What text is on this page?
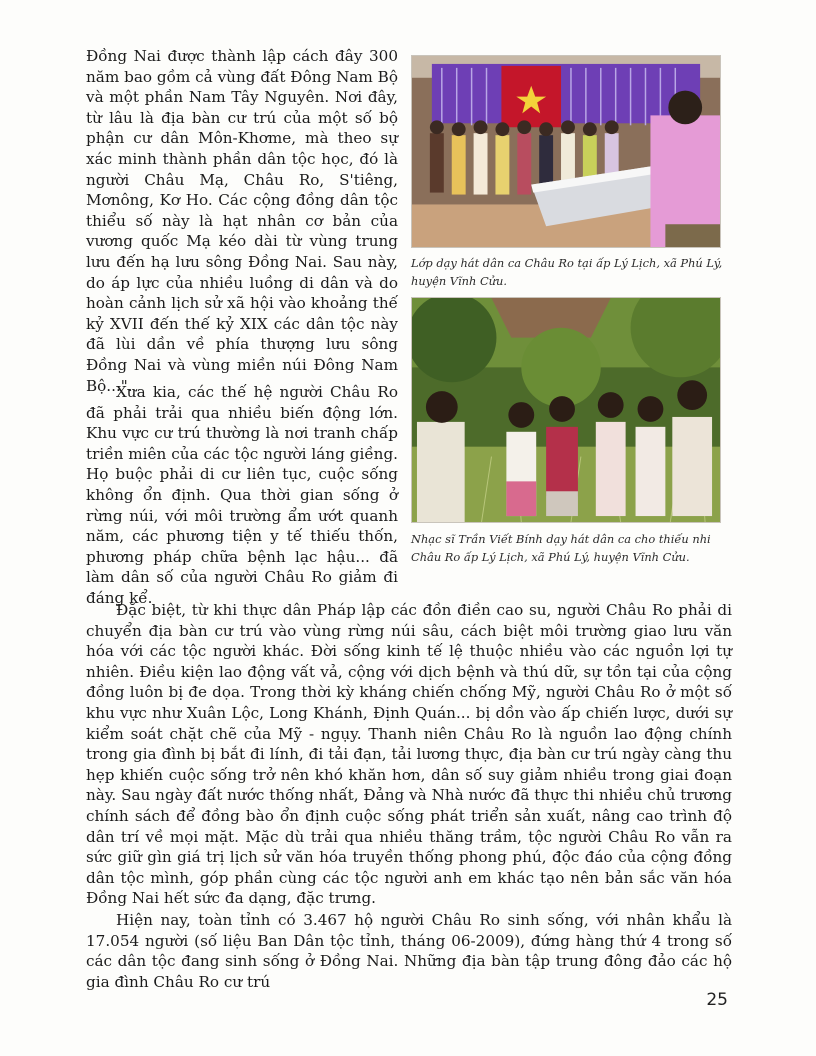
Đồng Nai được thành lập cách đây 300 năm bao gồm cả vùng đất Đông Nam Bộ và một phần Nam Tây Nguyên. Nơi đây, từ lâu là địa bàn cư trú của một số bộ phận cư dân Môn-Khơme, mà theo sự xác minh thành phần dân tộc học, đó là người Châu Mạ, Châu Ro, S'tiêng, Mơnông, Kơ Ho. Các cộng đồng dân tộc thiểu số này là hạt nhân cơ bản của vương quốc Mạ kéo dài từ vùng trung lưu đến hạ lưu sông Đồng Nai. Sau này, do áp lực của nhiều luồng di dân và do hoàn cảnh lịch sử xã hội vào khoảng thế kỷ XVII đến thế kỷ XIX các dân tộc này đã lùi dần về phía thượng lưu sông Đồng Nai và vùng miền núi Đông Nam Bộ...".

Xưa kia, các thế hệ người Châu Ro đã phải trải qua nhiều biến động lớn. Khu vực cư trú thường là nơi tranh chấp triền miên của các tộc người láng giềng. Họ buộc phải di cư liên tục, cuộc sống không ổn định. Qua thời gian sống ở rừng núi, với môi trường ẩm ướt quanh năm, các phương tiện y tế thiếu thốn, phương pháp chữa bệnh lạc hậu... đã làm dân số của người Châu Ro giảm đi đáng kể.

Lớp dạy hát dân ca Châu Ro tại ấp Lý Lịch, xã Phú Lý, huyện Vĩnh Cửu.
Nhạc sĩ Trần Viết Bính dạy hát dân ca cho thiếu nhi Châu Ro ấp Lý Lịch, xã Phú Lý, huyện Vĩnh Cửu.

Đặc biệt, từ khi thực dân Pháp lập các đồn điền cao su, người Châu Ro phải di chuyển địa bàn cư trú vào vùng rừng núi sâu, cách biệt môi trường giao lưu văn hóa với các tộc người khác. Đời sống kinh tế lệ thuộc nhiều vào các nguồn lợi tự nhiên. Điều kiện lao động vất vả, cộng với dịch bệnh và thú dữ, sự tồn tại của cộng đồng luôn bị đe dọa. Trong thời kỳ kháng chiến chống Mỹ, người Châu Ro ở một số khu vực như Xuân Lộc, Long Khánh, Định Quán... bị dồn vào ấp chiến lược, dưới sự kiểm soát chặt chẽ của Mỹ - ngụy. Thanh niên Châu Ro là nguồn lao động chính trong gia đình bị bắt đi lính, đi tải đạn, tải lương thực, địa bàn cư trú ngày càng thu hẹp khiến cuộc sống trở nên khó khăn hơn, dân số suy giảm nhiều trong giai đoạn này. Sau ngày đất nước thống nhất, Đảng và Nhà nước đã thực thi nhiều chủ trương chính sách để đồng bào ổn định cuộc sống phát triển sản xuất, nâng cao trình độ dân trí về mọi mặt. Mặc dù trải qua nhiều thăng trầm, tộc người Châu Ro vẫn ra sức giữ gìn giá trị lịch sử văn hóa truyền thống phong phú, độc đáo của cộng đồng dân tộc mình, góp phần cùng các tộc người anh em khác tạo nên bản sắc văn hóa Đồng Nai hết sức đa dạng, đặc trưng.

Hiện nay, toàn tỉnh có 3.467 hộ người Châu Ro sinh sống, với nhân khẩu là 17.054 người (số liệu Ban Dân tộc tỉnh, tháng 06-2009), đứng hàng thứ 4 trong số các dân tộc đang sinh sống ở Đồng Nai. Những địa bàn tập trung đông đảo các hộ gia đình Châu Ro cư trú

25
